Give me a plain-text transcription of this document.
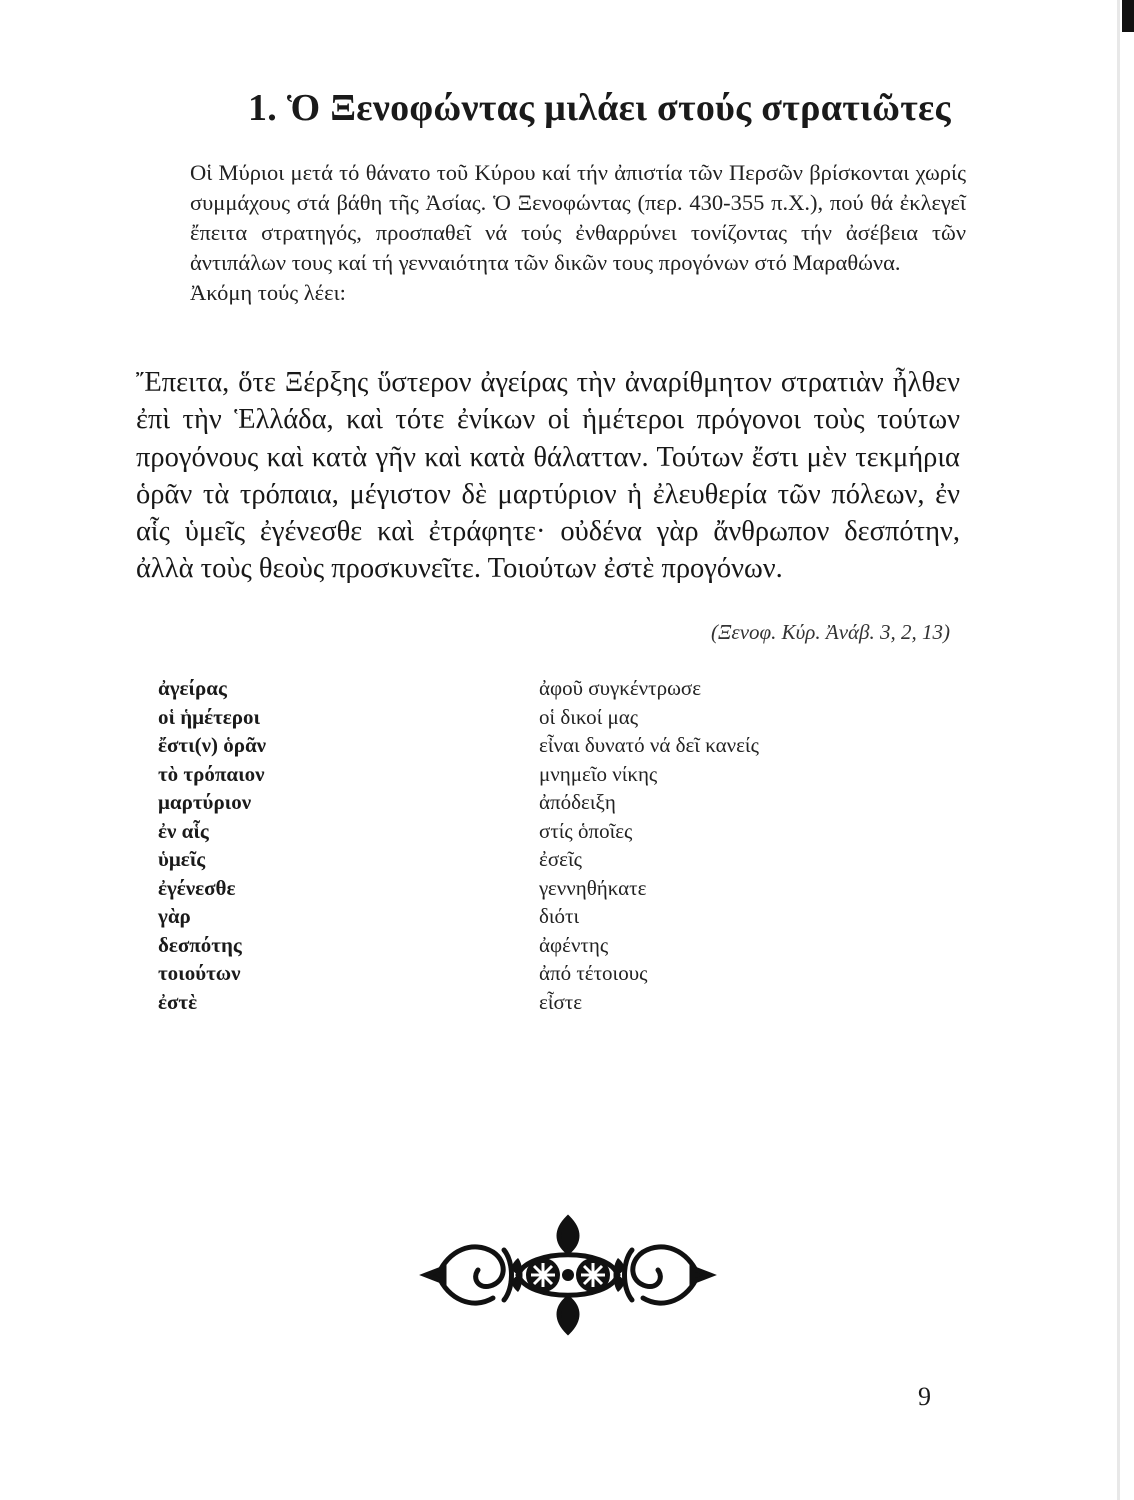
1. Ὁ Ξενοφώντας μιλάει στούς στρατιῶτες

Οἱ Μύριοι μετά τό θάνατο τοῦ Κύρου καί τήν ἀπιστία τῶν Περσῶν βρίσκονται χωρίς συμμάχους στά βάθη τῆς Ἀσίας. Ὁ Ξενοφώντας (περ. 430-355 π.Χ.), πού θά ἐκλεγεῖ ἔπειτα στρατηγός, προσπαθεῖ νά τούς ἐνθαρρύνει τονίζοντας τήν ἀσέβεια τῶν ἀντιπάλων τους καί τή γενναιότητα τῶν δικῶν τους προγόνων στό Μαραθώνα.
Ἀκόμη τούς λέει:

Ἔπειτα, ὅτε Ξέρξης ὕστερον ἀγείρας τὴν ἀναρίθμητον στρατιὰν ἦλθεν ἐπὶ τὴν Ἑλλάδα, καὶ τότε ἐνίκων οἱ ἡμέτεροι πρόγονοι τοὺς τούτων προγόνους καὶ κατὰ γῆν καὶ κατὰ θάλατταν. Τούτων ἔστι μὲν τεκμήρια ὁρᾶν τὰ τρόπαια, μέγιστον δὲ μαρτύριον ἡ ἐλευθερία τῶν πόλεων, ἐν αἷς ὑμεῖς ἐγένεσθε καὶ ἐτράφητε· οὐδένα γὰρ ἄνθρωπον δεσπότην, ἀλλὰ τοὺς θεοὺς προσκυνεῖτε. Τοιούτων ἐστὲ προγόνων.

(Ξενοφ. Κύρ. Ἀνάβ. 3, 2, 13)

ἀγείρας	ἀφοῦ συγκέντρωσε
οἱ ἡμέτεροι	οἱ δικοί μας
ἔστι(ν) ὁρᾶν	εἶναι δυνατό νά δεῖ κανείς
τὸ τρόπαιον	μνημεῖο νίκης
μαρτύριον	ἀπόδειξη
ἐν αἷς	στίς ὁποῖες
ὑμεῖς	ἐσεῖς
ἐγένεσθε	γεννηθήκατε
γὰρ	διότι
δεσπότης	ἀφέντης
τοιούτων	ἀπό τέτοιους
ἐστὲ	εἶστε
9
